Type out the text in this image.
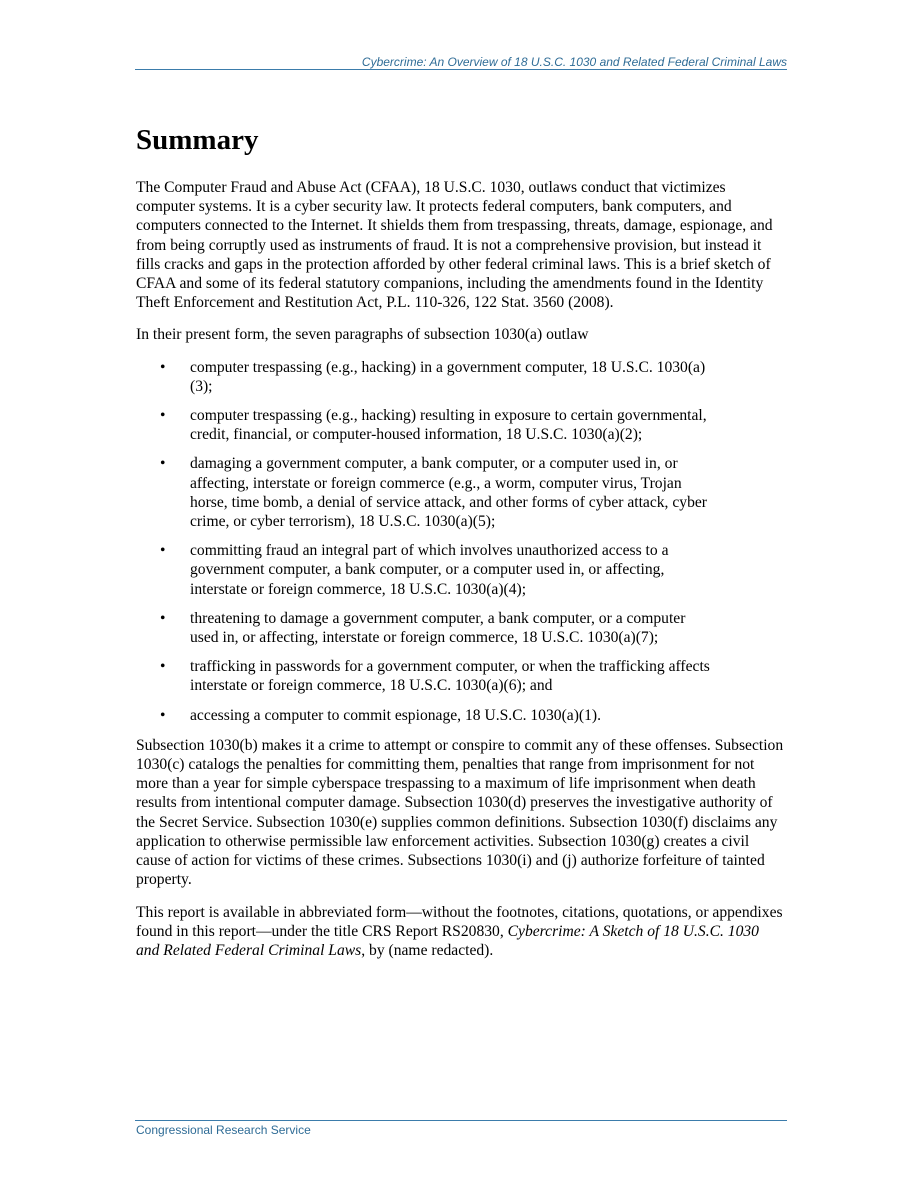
Cybercrime: An Overview of 18 U.S.C. 1030 and Related Federal Criminal Laws
Summary

The Computer Fraud and Abuse Act (CFAA), 18 U.S.C. 1030, outlaws conduct that victimizes computer systems. It is a cyber security law. It protects federal computers, bank computers, and computers connected to the Internet. It shields them from trespassing, threats, damage, espionage, and from being corruptly used as instruments of fraud. It is not a comprehensive provision, but instead it fills cracks and gaps in the protection afforded by other federal criminal laws. This is a brief sketch of CFAA and some of its federal statutory companions, including the amendments found in the Identity Theft Enforcement and Restitution Act, P.L. 110-326, 122 Stat. 3560 (2008).

In their present form, the seven paragraphs of subsection 1030(a) outlaw

• computer trespassing (e.g., hacking) in a government computer, 18 U.S.C. 1030(a)(3);
• computer trespassing (e.g., hacking) resulting in exposure to certain governmental, credit, financial, or computer-housed information, 18 U.S.C. 1030(a)(2);
• damaging a government computer, a bank computer, or a computer used in, or affecting, interstate or foreign commerce (e.g., a worm, computer virus, Trojan horse, time bomb, a denial of service attack, and other forms of cyber attack, cyber crime, or cyber terrorism), 18 U.S.C. 1030(a)(5);
• committing fraud an integral part of which involves unauthorized access to a government computer, a bank computer, or a computer used in, or affecting, interstate or foreign commerce, 18 U.S.C. 1030(a)(4);
• threatening to damage a government computer, a bank computer, or a computer used in, or affecting, interstate or foreign commerce, 18 U.S.C. 1030(a)(7);
• trafficking in passwords for a government computer, or when the trafficking affects interstate or foreign commerce, 18 U.S.C. 1030(a)(6); and
• accessing a computer to commit espionage, 18 U.S.C. 1030(a)(1).

Subsection 1030(b) makes it a crime to attempt or conspire to commit any of these offenses. Subsection 1030(c) catalogs the penalties for committing them, penalties that range from imprisonment for not more than a year for simple cyberspace trespassing to a maximum of life imprisonment when death results from intentional computer damage. Subsection 1030(d) preserves the investigative authority of the Secret Service. Subsection 1030(e) supplies common definitions. Subsection 1030(f) disclaims any application to otherwise permissible law enforcement activities. Subsection 1030(g) creates a civil cause of action for victims of these crimes. Subsections 1030(i) and (j) authorize forfeiture of tainted property.

This report is available in abbreviated form—without the footnotes, citations, quotations, or appendixes found in this report—under the title CRS Report RS20830, Cybercrime: A Sketch of 18 U.S.C. 1030 and Related Federal Criminal Laws, by (name redacted).

Congressional Research Service
